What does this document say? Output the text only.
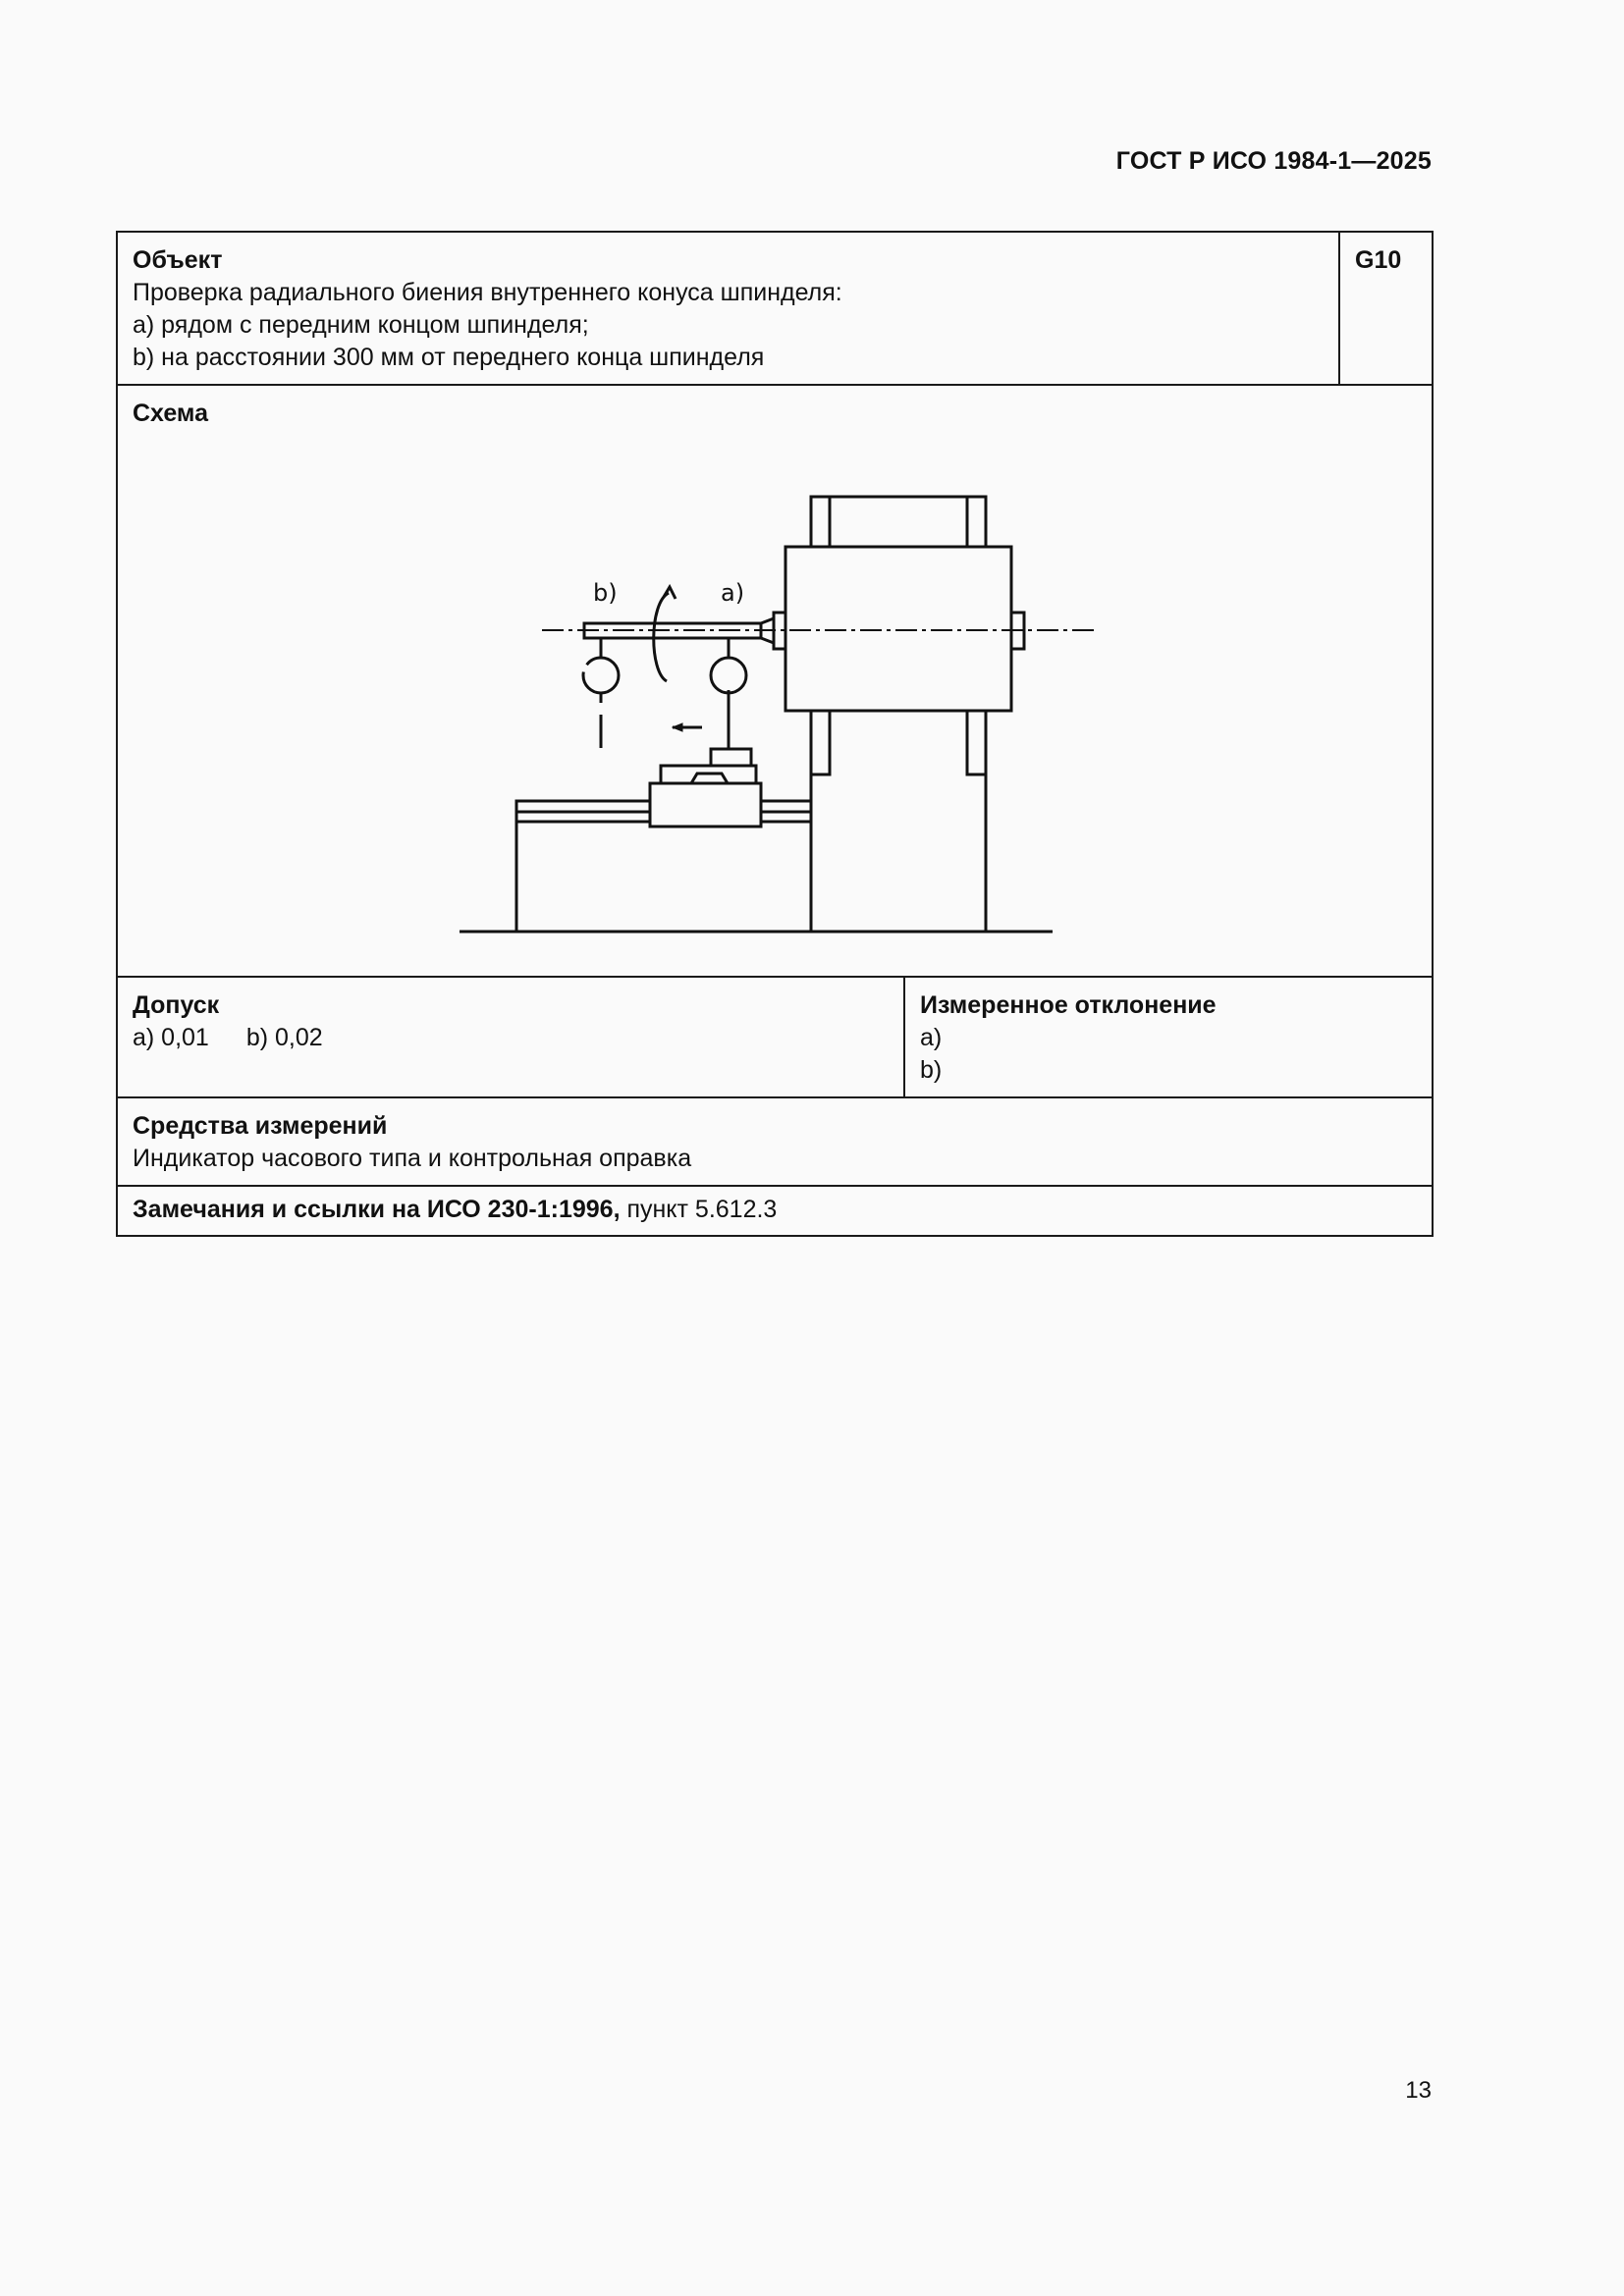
ГОСТ Р ИСО 1984-1—2025
Объект
Проверка радиального биения внутреннего конуса шпинделя:
a) рядом с передним концом шпинделя;
b) на расстоянии 300 мм от переднего конца шпинделя		G10

Схема
b) a)		

Допуск
a) 0,01 b) 0,02	Измеренное отклонение
a)
b)	

Средства измерений
Индикатор часового типа и контрольная оправка		

Замечания и ссылки на ИСО 230-1:1996, пункт 5.612.3		
13
